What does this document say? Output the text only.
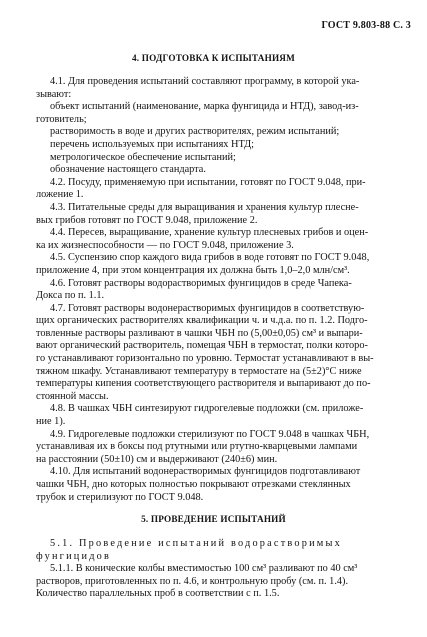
ГОСТ 9.803-88 С. 3
4. ПОДГОТОВКА К ИСПЫТАНИЯМ
4.1. Для проведения испытаний составляют программу, в которой ука-
зывают:
объект испытаний (наименование, марка фунгицида и НТД), завод-из-
готовитель;
растворимость в воде и других растворителях, режим испытаний;
перечень используемых при испытаниях НТД;
метрологическое обеспечение испытаний;
обозначение настоящего стандарта.
4.2. Посуду, применяемую при испытании, готовят по ГОСТ 9.048, при-
ложение 1.
4.3. Питательные среды для выращивания и хранения культур плесне-
вых грибов готовят по ГОСТ 9.048, приложение 2.
4.4. Пересев, выращивание, хранение культур плесневых грибов и оцен-
ка их жизнеспособности — по ГОСТ 9.048, приложение 3.
4.5. Суспензию спор каждого вида грибов в воде готовят по ГОСТ 9.048,
приложение 4, при этом концентрация их должна быть 1,0–2,0 млн/см³.
4.6. Готовят растворы водорастворимых фунгицидов в среде Чапека-
Докса по п. 1.1.
4.7. Готовят растворы водонерастворимых фунгицидов в соответствую-
щих органических растворителях квалификации ч. и ч.д.а. по п. 1.2. Подго-
товленные растворы разливают в чашки ЧБН по (5,00±0,05) см³ и выпари-
вают органический растворитель, помещая ЧБН в термостат, полки которо-
го устанавливают горизонтально по уровню. Термостат устанавливают в вы-
тяжном шкафу. Устанавливают температуру в термостате на (5±2)°С ниже
температуры кипения соответствующего растворителя и выпаривают до по-
стоянной массы.
4.8. В чашках ЧБН синтезируют гидрогелевые подложки (см. приложе-
ние 1).
4.9. Гидрогелевые подложки стерилизуют по ГОСТ 9.048 в чашках ЧБН,
устанавливая их в боксы под ртутными или ртутно-кварцевыми лампами
на расстоянии (50±10) см и выдерживают (240±6) мин.
4.10. Для испытаний водонерастворимых фунгицидов подготавливают
чашки ЧБН, дно которых полностью покрывают отрезками стеклянных
трубок и стерилизуют по ГОСТ 9.048.
5. ПРОВЕДЕНИЕ ИСПЫТАНИЙ
5.1. Проведение испытаний водорастворимых
фунгицидов
5.1.1. В конические колбы вместимостью 100 см³ разливают по 40 см³
растворов, приготовленных по п. 4.6, и контрольную пробу (см. п. 1.4).
Количество параллельных проб в соответствии с п. 1.5.
